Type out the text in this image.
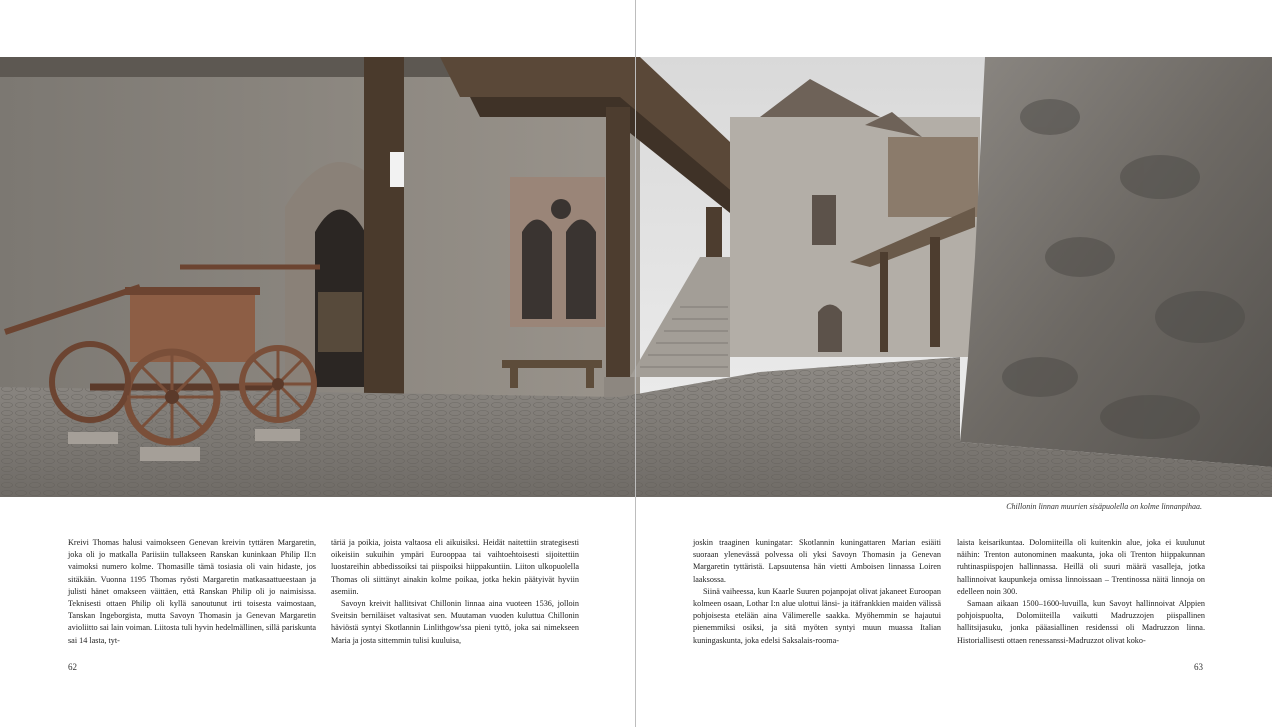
Chillonin linnan muurien sisäpuolella on kolme linnanpihaa.

Kreivi Thomas halusi vaimokseen Genevan kreivin tyttären Margaretin, joka oli jo matkalla Pariisiin tullakseen Ranskan kuninkaan Philip II:n vaimoksi numero kolme. Thomasille tämä tosiasia oli vain hidaste, jos sitäkään. Vuonna 1195 Thomas ryösti Margaretin matkasaattueestaan ja julisti hänet omakseen väittäen, että Ranskan Philip oli jo naimisissa. Teknisesti ottaen Philip oli kyllä sanoutunut irti toisesta vaimostaan, Tanskan Ingeborgista, mutta Savoyn Thomasin ja Genevan Margaretin avioliitto sai lain voiman. Liitosta tuli hyvin hedelmällinen, sillä pariskunta sai 14 lasta, tyt-

täriä ja poikia, joista valtaosa eli aikuisiksi. Heidät naitettiin strategisesti oikeisiin sukuihin ympäri Eurooppaa tai vaihtoehtoisesti sijoitettiin luostareihin abbedissoiksi tai piispoiksi hiippakuntiin. Liiton ulkopuolella Thomas oli siittänyt ainakin kolme poikaa, jotka hekin päätyivät hyviin asemiin.

Savoyn kreivit hallitsivat Chillonin linnaa aina vuoteen 1536, jolloin Sveitsin berniläiset valtasivat sen. Muutaman vuoden kuluttua Chillonin häviöstä syntyi Skotlannin Linlithgow'ssa pieni tyttö, joka sai nimekseen Maria ja josta sittemmin tulisi kuuluisa,

joskin traaginen kuningatar: Skotlannin kuningattaren Marian esiäiti suoraan ylenevässä polvessa oli yksi Savoyn Thomasin ja Genevan Margaretin tyttäristä. Lapsuutensa hän vietti Amboisen linnassa Loiren laaksossa.

Siinä vaiheessa, kun Kaarle Suuren pojanpojat olivat jakaneet Euroopan kolmeen osaan, Lothar I:n alue ulottui länsi- ja itäfrankkien maiden välissä pohjoisesta etelään aina Välimerelle saakka. Myöhemmin se hajautui pienemmiksi osiksi, ja sitä myöten syntyi muun muassa Italian kuningaskunta, joka edelsi Saksalais-rooma-

laista keisarikuntaa. Dolomiiteilla oli kuitenkin alue, joka ei kuulunut näihin: Trenton autonominen maakunta, joka oli Trenton hiippakunnan ruhtinaspiispojen hallinnassa. Heillä oli suuri määrä vasalleja, jotka hallinnoivat kaupunkeja omissa linnoissaan – Trentinossa näitä linnoja on edelleen noin 300.

Samaan aikaan 1500–1600-luvuilla, kun Savoyt hallinnoivat Alppien pohjoispuolta, Dolomiiteilla vaikutti Madruzzojen piispallinen hallitsijasuku, jonka pääasiallinen residenssi oli Madruzzon linna. Historiallisesti ottaen renessanssi-Madruzzot olivat koko-

62	63
